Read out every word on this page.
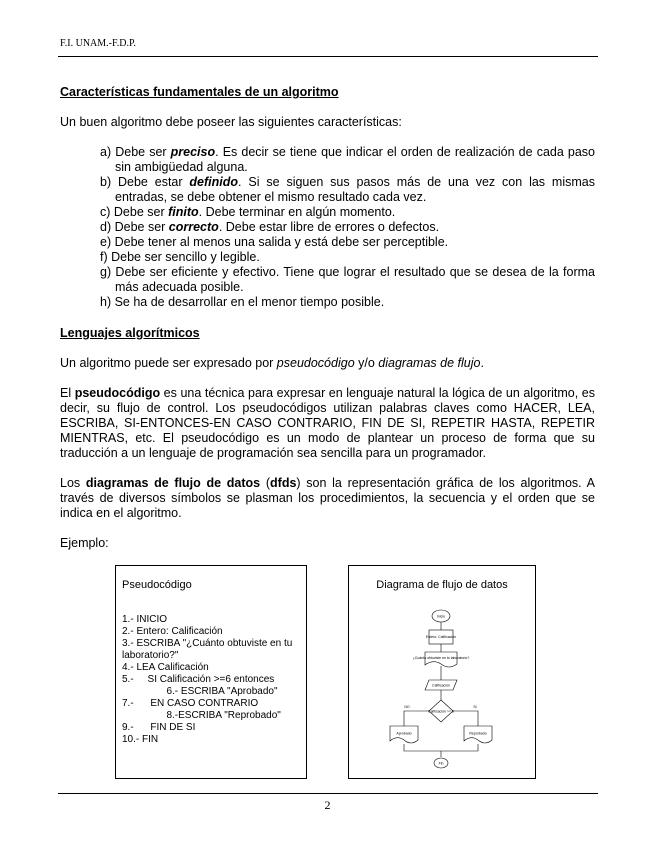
F.I. UNAM.-F.D.P.
Características fundamentales de un algoritmo

Un buen algoritmo debe poseer las siguientes características:

a) Debe ser preciso. Es decir se tiene que indicar el orden de realización de cada paso sin ambigüedad alguna.
b) Debe estar definido. Si se siguen sus pasos más de una vez con las mismas entradas, se debe obtener el mismo resultado cada vez.
c) Debe ser finito. Debe terminar en algún momento.
d) Debe ser correcto. Debe estar libre de errores o defectos.
e) Debe tener al menos una salida y está debe ser perceptible.
f) Debe ser sencillo y legible.
g) Debe ser eficiente y efectivo. Tiene que lograr el resultado que se desea de la forma más adecuada posible.
h) Se ha de desarrollar en el menor tiempo posible.
Lenguajes algorítmicos

Un algoritmo puede ser expresado por pseudocódigo y/o diagramas de flujo.

El pseudocódigo es una técnica para expresar en lenguaje natural la lógica de un algoritmo, es decir, su flujo de control. Los pseudocódigos utilizan palabras claves como HACER, LEA, ESCRIBA, SI-ENTONCES-EN CASO CONTRARIO, FIN DE SI, REPETIR HASTA, REPETIR MIENTRAS, etc. El pseudocódigo es un modo de plantear un proceso de forma que su traducción a un lenguaje de programación sea sencilla para un programador.

Los diagramas de flujo de datos (dfds) son la representación gráfica de los algoritmos. A través de diversos símbolos se plasman los procedimientos, la secuencia y el orden que se indica en el algoritmo.

Ejemplo:

Pseudocódigo
1.- INICIO
2.- Entero: Calificación
3.- ESCRIBA "¿Cuánto obtuviste en tu laboratorio?"
4.- LEA Calificación
5.-     SI Calificación >=6 entonces
6.- ESCRIBA "Aprobado"
7.-      EN CASO CONTRARIO
8.-ESCRIBA "Reprobado"
9.-      FIN DE SI
10.- FIN
Diagrama de flujo de datos
Inicio
Entero: Calificación
¿Cuánto obtuviste en tu laboratorio?
Calificación
Calificación >= 6
NO	SI
Aprobado	Reprobado
Fin
2
